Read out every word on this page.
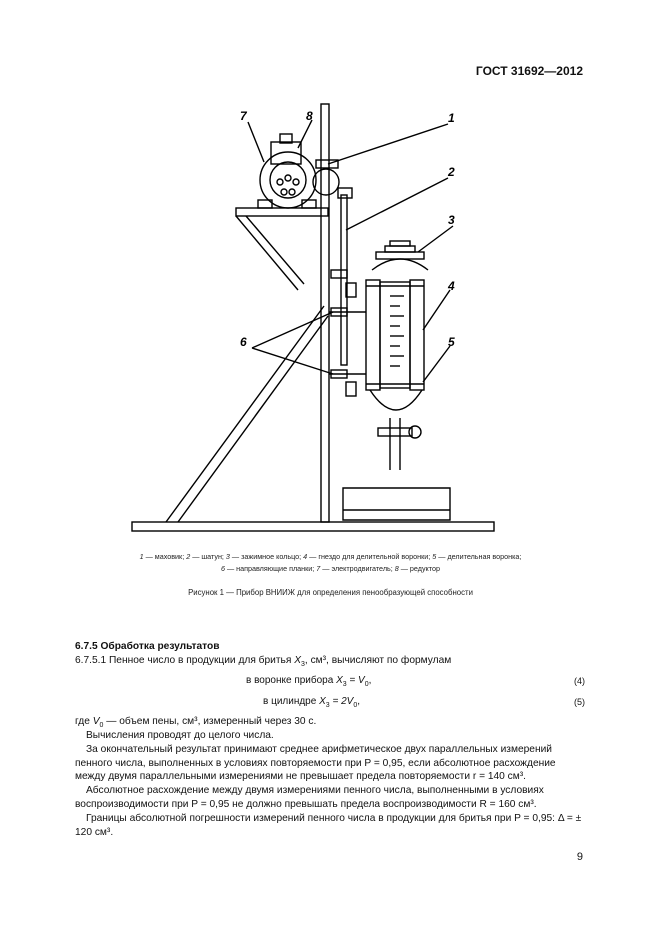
ГОСТ 31692—2012
1
2
3
4
5
6
7	8
1 — маховик; 2 — шатун; 3 — зажимное кольцо; 4 — гнездо для делительной воронки; 5 — делительная воронка;
6 — направляющие планки; 7 — электродвигатель; 8 — редуктор
Рисунок 1 — Прибор ВНИИЖ для определения пенообразующей способности
6.7.5 Обработка результатов
6.7.5.1 Пенное число в продукции для бритья $X_3$, см³, вычисляют по формулам
в воронке прибора $X_3 = V_0$,	(4)
в цилиндре $X_3 = 2V_0$,	(5)
где $V_0$ — объем пены, см³, измеренный через 30 с.
Вычисления проводят до целого числа.
За окончательный результат принимают среднее арифметическое двух параллельных измерений пенного числа, выполненных в условиях повторяемости при P = 0,95, если абсолютное расхождение между двумя параллельными измерениями не превышает предела повторяемости r = 140 см³.
Абсолютное расхождение между двумя измерениями пенного числа, выполненными в условиях воспроизводимости при P = 0,95 не должно превышать предела воспроизводимости R = 160 см³.
Границы абсолютной погрешности измерений пенного числа в продукции для бритья при P = 0,95: Δ = ± 120 см³.
9
